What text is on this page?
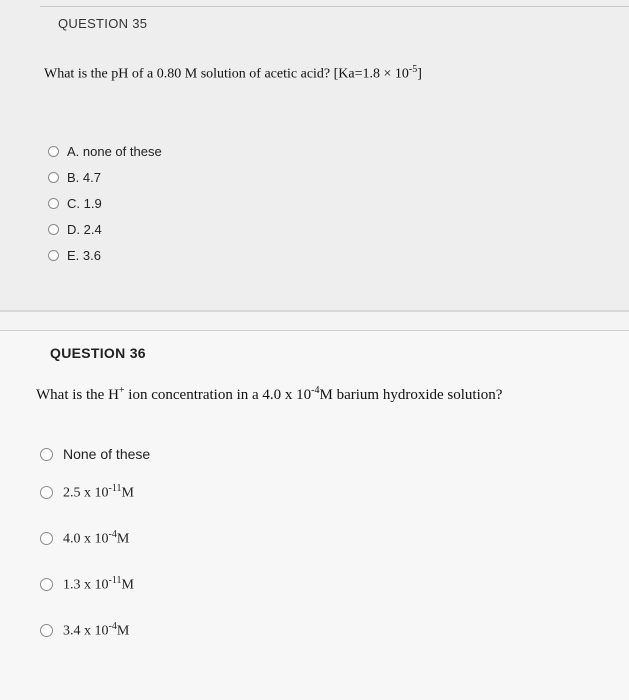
QUESTION 35
What is the pH of a 0.80 M solution of acetic acid? $[Ka=1.8 \times 10^{-5}]$
A. none of these
B. 4.7
C. 1.9
D. 2.4
E. 3.6
QUESTION 36
What is the H+ ion concentration in a 4.0 x $10^{-4}M$ barium hydroxide solution?
None of these
2.5 x $10^{-11}M$
4.0 x $10^{-4}M$
1.3 x $10^{-11}M$
3.4 x $10^{-4}M$
